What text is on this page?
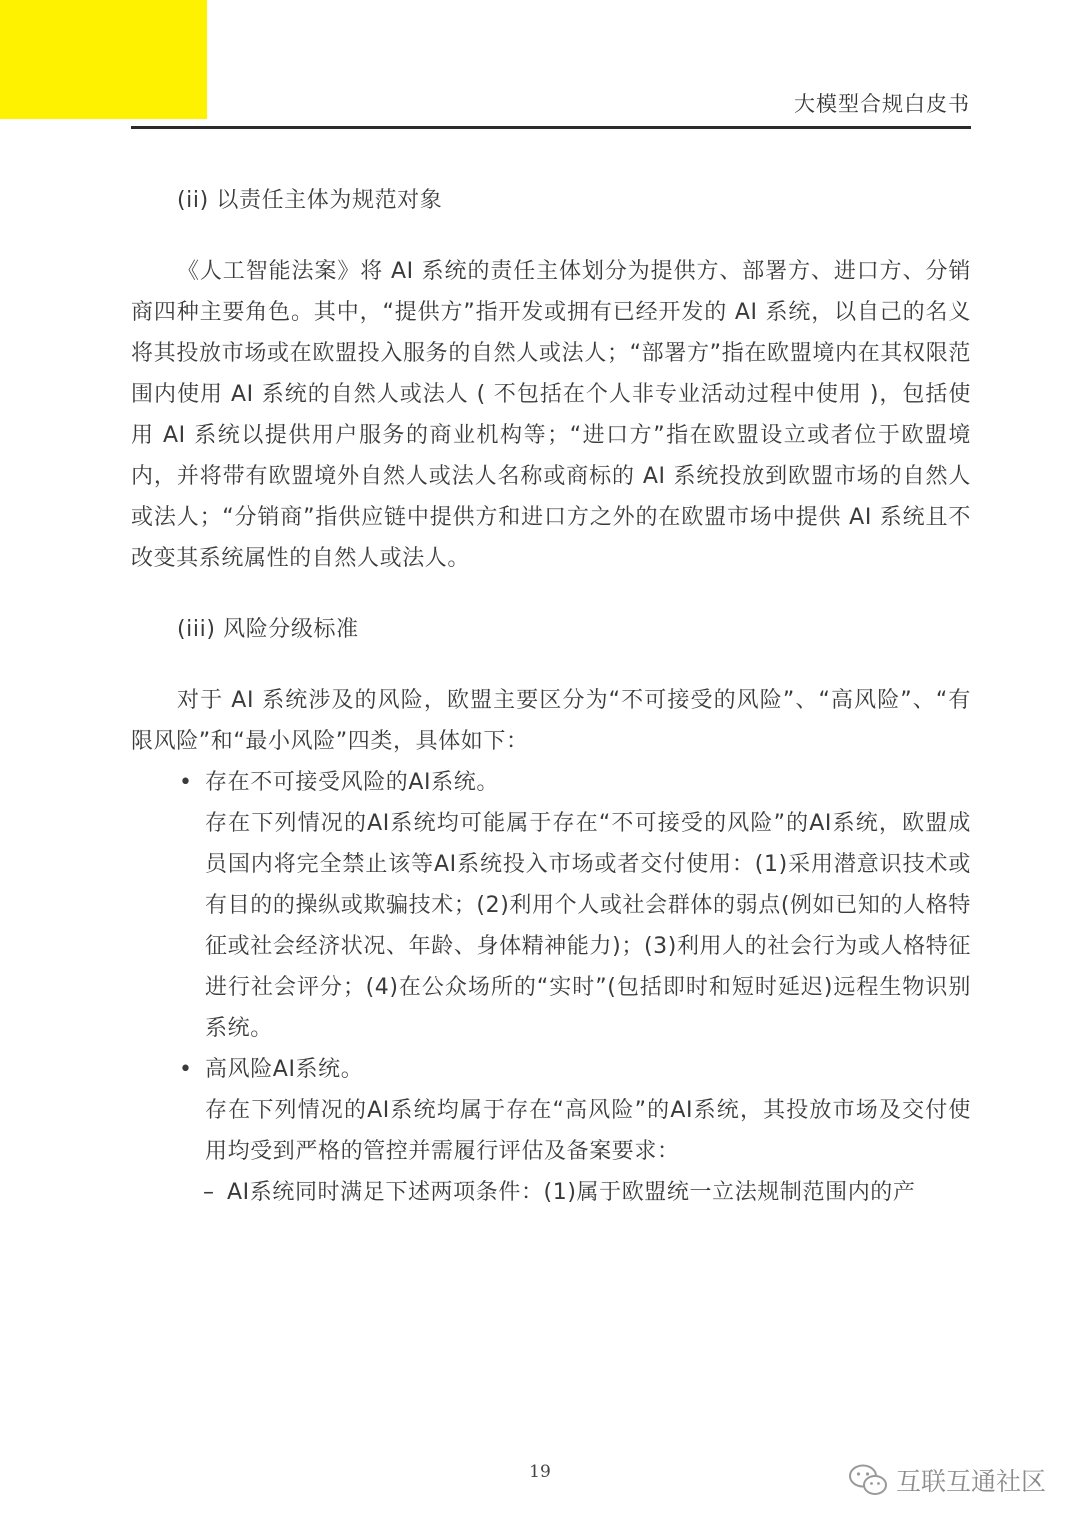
大模型合规白皮书

(ii) 以责任主体为规范对象

《人工智能法案》将 AI 系统的责任主体划分为提供方、部署方、进口方、分销商四种主要角色。其中，“提供方”指开发或拥有已经开发的 AI 系统，以自己的名义将其投放市场或在欧盟投入服务的自然人或法人；“部署方”指在欧盟境内在其权限范围内使用 AI 系统的自然人或法人 ( 不包括在个人非专业活动过程中使用 )，包括使用 AI 系统以提供用户服务的商业机构等；“进口方”指在欧盟设立或者位于欧盟境内，并将带有欧盟境外自然人或法人名称或商标的 AI 系统投放到欧盟市场的自然人或法人；“分销商”指供应链中提供方和进口方之外的在欧盟市场中提供 AI 系统且不改变其系统属性的自然人或法人。

(iii) 风险分级标准

对于 AI 系统涉及的风险，欧盟主要区分为“不可接受的风险”、“高风险”、“有限风险”和“最小风险”四类，具体如下：

• 存在不可接受风险的AI系统。

存在下列情况的AI系统均可能属于存在“不可接受的风险”的AI系统，欧盟成员国内将完全禁止该等AI系统投入市场或者交付使用：(1)采用潜意识技术或有目的的操纵或欺骗技术；(2)利用个人或社会群体的弱点(例如已知的人格特征或社会经济状况、年龄、身体精神能力)；(3)利用人的社会行为或人格特征进行社会评分；(4)在公众场所的“实时”(包括即时和短时延迟)远程生物识别系统。

• 高风险AI系统。

存在下列情况的AI系统均属于存在“高风险”的AI系统，其投放市场及交付使用均受到严格的管控并需履行评估及备案要求：

– AI系统同时满足下述两项条件：(1)属于欧盟统一立法规制范围内的产

19	互联互通社区
